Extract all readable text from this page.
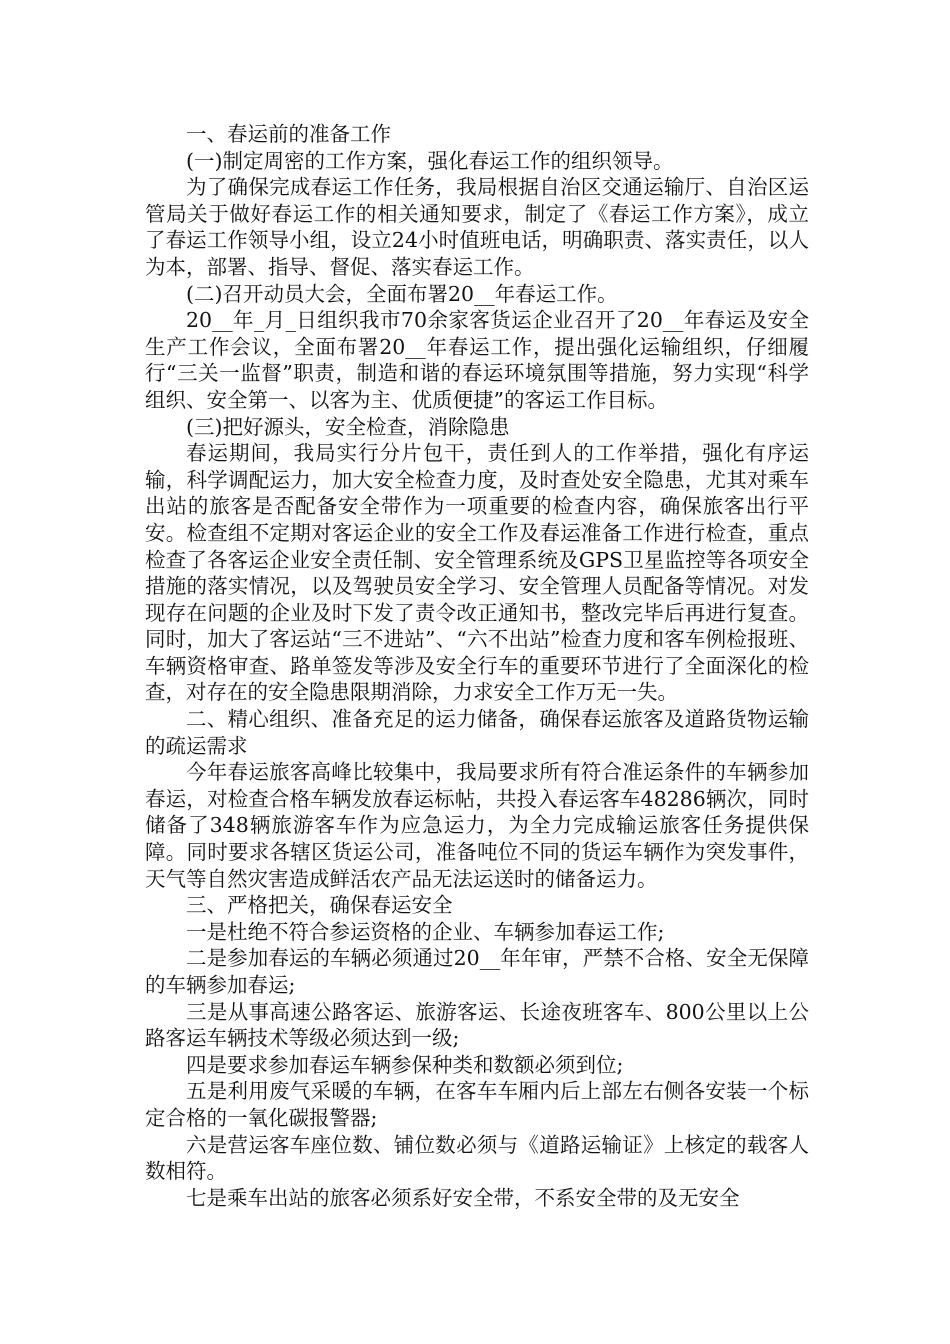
一、春运前的准备工作

(一)制定周密的工作方案，强化春运工作的组织领导。

为了确保完成春运工作任务，我局根据自治区交通运输厅、自治区运管局关于做好春运工作的相关通知要求，制定了《春运工作方案》，成立了春运工作领导小组，设立24小时值班电话，明确职责、落实责任，以人为本，部署、指导、督促、落实春运工作。

(二)召开动员大会，全面布署20__年春运工作。

20__年_月_日组织我市70余家客货运企业召开了20__年春运及安全生产工作会议，全面布署20__年春运工作，提出强化运输组织，仔细履行“三关一监督”职责，制造和谐的春运环境氛围等措施，努力实现“科学组织、安全第一、以客为主、优质便捷”的客运工作目标。

(三)把好源头，安全检查，消除隐患

春运期间，我局实行分片包干，责任到人的工作举措，强化有序运输，科学调配运力，加大安全检查力度，及时查处安全隐患，尤其对乘车出站的旅客是否配备安全带作为一项重要的检查内容，确保旅客出行平安。检查组不定期对客运企业的安全工作及春运准备工作进行检查，重点检查了各客运企业安全责任制、安全管理系统及GPS卫星监控等各项安全措施的落实情况，以及驾驶员安全学习、安全管理人员配备等情况。对发现存在问题的企业及时下发了责令改正通知书，整改完毕后再进行复查。同时，加大了客运站“三不进站”、“六不出站”检查力度和客车例检报班、车辆资格审查、路单签发等涉及安全行车的重要环节进行了全面深化的检查，对存在的安全隐患限期消除，力求安全工作万无一失。

二、精心组织、准备充足的运力储备，确保春运旅客及道路货物运输的疏运需求

今年春运旅客高峰比较集中，我局要求所有符合准运条件的车辆参加春运，对检查合格车辆发放春运标帖，共投入春运客车48286辆次，同时储备了348辆旅游客车作为应急运力，为全力完成输运旅客任务提供保障。同时要求各辖区货运公司，准备吨位不同的货运车辆作为突发事件，天气等自然灾害造成鲜活农产品无法运送时的储备运力。

三、严格把关，确保春运安全

一是杜绝不符合参运资格的企业、车辆参加春运工作;

二是参加春运的车辆必须通过20__年年审，严禁不合格、安全无保障的车辆参加春运;

三是从事高速公路客运、旅游客运、长途夜班客车、800公里以上公路客运车辆技术等级必须达到一级;

四是要求参加春运车辆参保种类和数额必须到位;

五是利用废气采暖的车辆，在客车车厢内后上部左右侧各安装一个标定合格的一氧化碳报警器;

六是营运客车座位数、铺位数必须与《道路运输证》上核定的载客人数相符。

七是乘车出站的旅客必须系好安全带，不系安全带的及无安全
